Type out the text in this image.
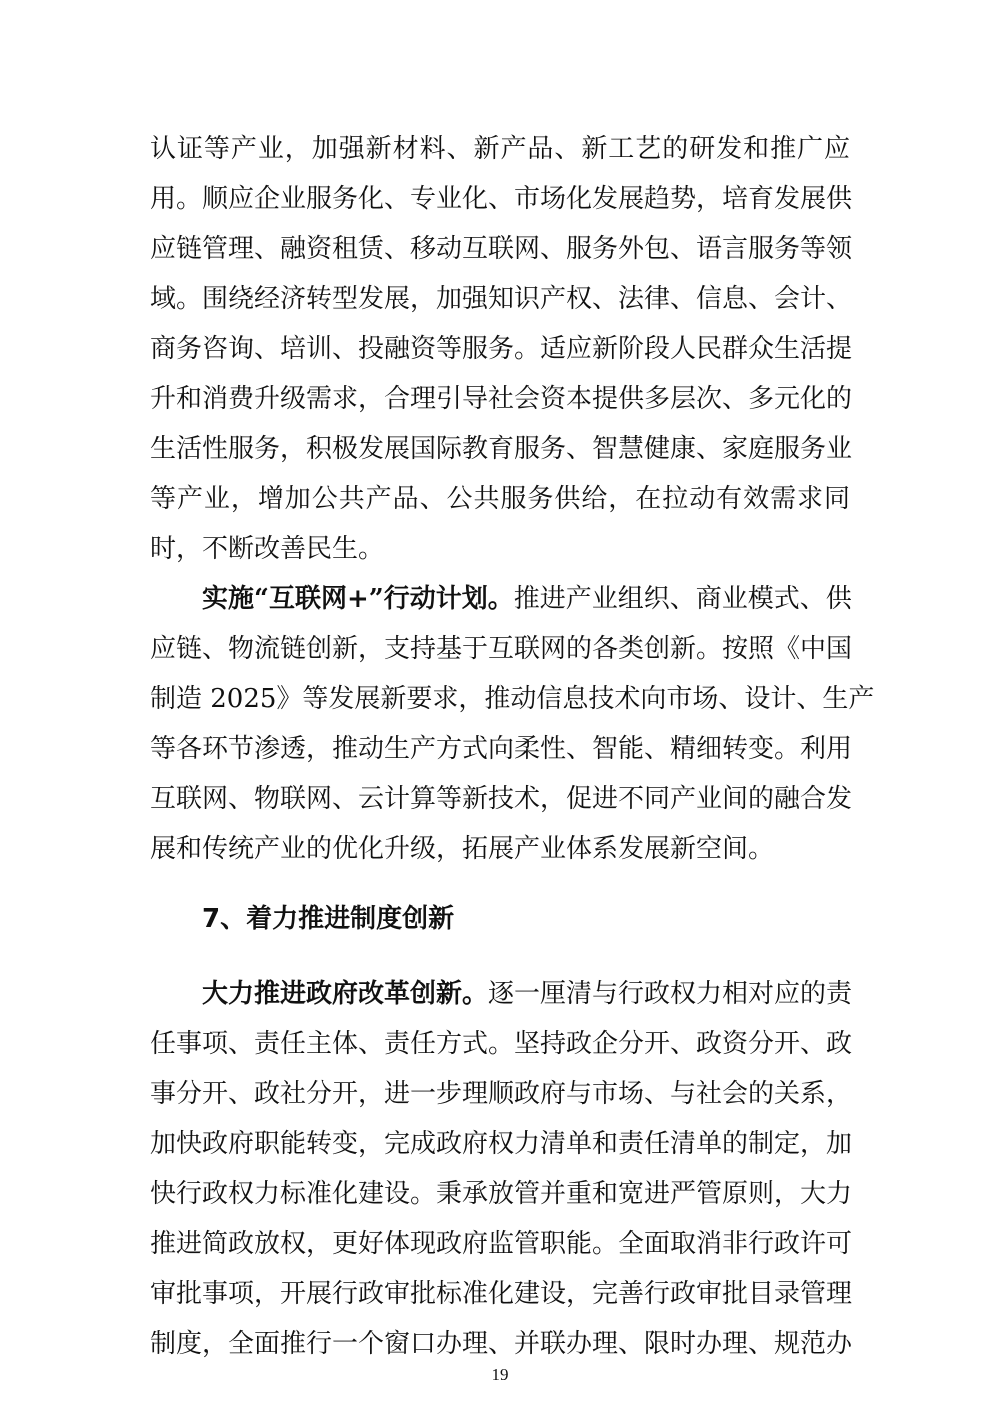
认证等产业，加强新材料、新产品、新工艺的研发和推广应
用。顺应企业服务化、专业化、市场化发展趋势，培育发展供
应链管理、融资租赁、移动互联网、服务外包、语言服务等领
域。围绕经济转型发展，加强知识产权、法律、信息、会计、
商务咨询、培训、投融资等服务。适应新阶段人民群众生活提
升和消费升级需求，合理引导社会资本提供多层次、多元化的
生活性服务，积极发展国际教育服务、智慧健康、家庭服务业
等产业，增加公共产品、公共服务供给，在拉动有效需求同
时，不断改善民生。
实施“互联网+”行动计划。推进产业组织、商业模式、供
应链、物流链创新，支持基于互联网的各类创新。按照《中国
制造 2025》等发展新要求，推动信息技术向市场、设计、生产
等各环节渗透，推动生产方式向柔性、智能、精细转变。利用
互联网、物联网、云计算等新技术，促进不同产业间的融合发
展和传统产业的优化升级，拓展产业体系发展新空间。
7、着力推进制度创新
大力推进政府改革创新。逐一厘清与行政权力相对应的责
任事项、责任主体、责任方式。坚持政企分开、政资分开、政
事分开、政社分开，进一步理顺政府与市场、与社会的关系，
加快政府职能转变，完成政府权力清单和责任清单的制定，加
快行政权力标准化建设。秉承放管并重和宽进严管原则，大力
推进简政放权，更好体现政府监管职能。全面取消非行政许可
审批事项，开展行政审批标准化建设，完善行政审批目录管理
制度，全面推行一个窗口办理、并联办理、限时办理、规范办
19
